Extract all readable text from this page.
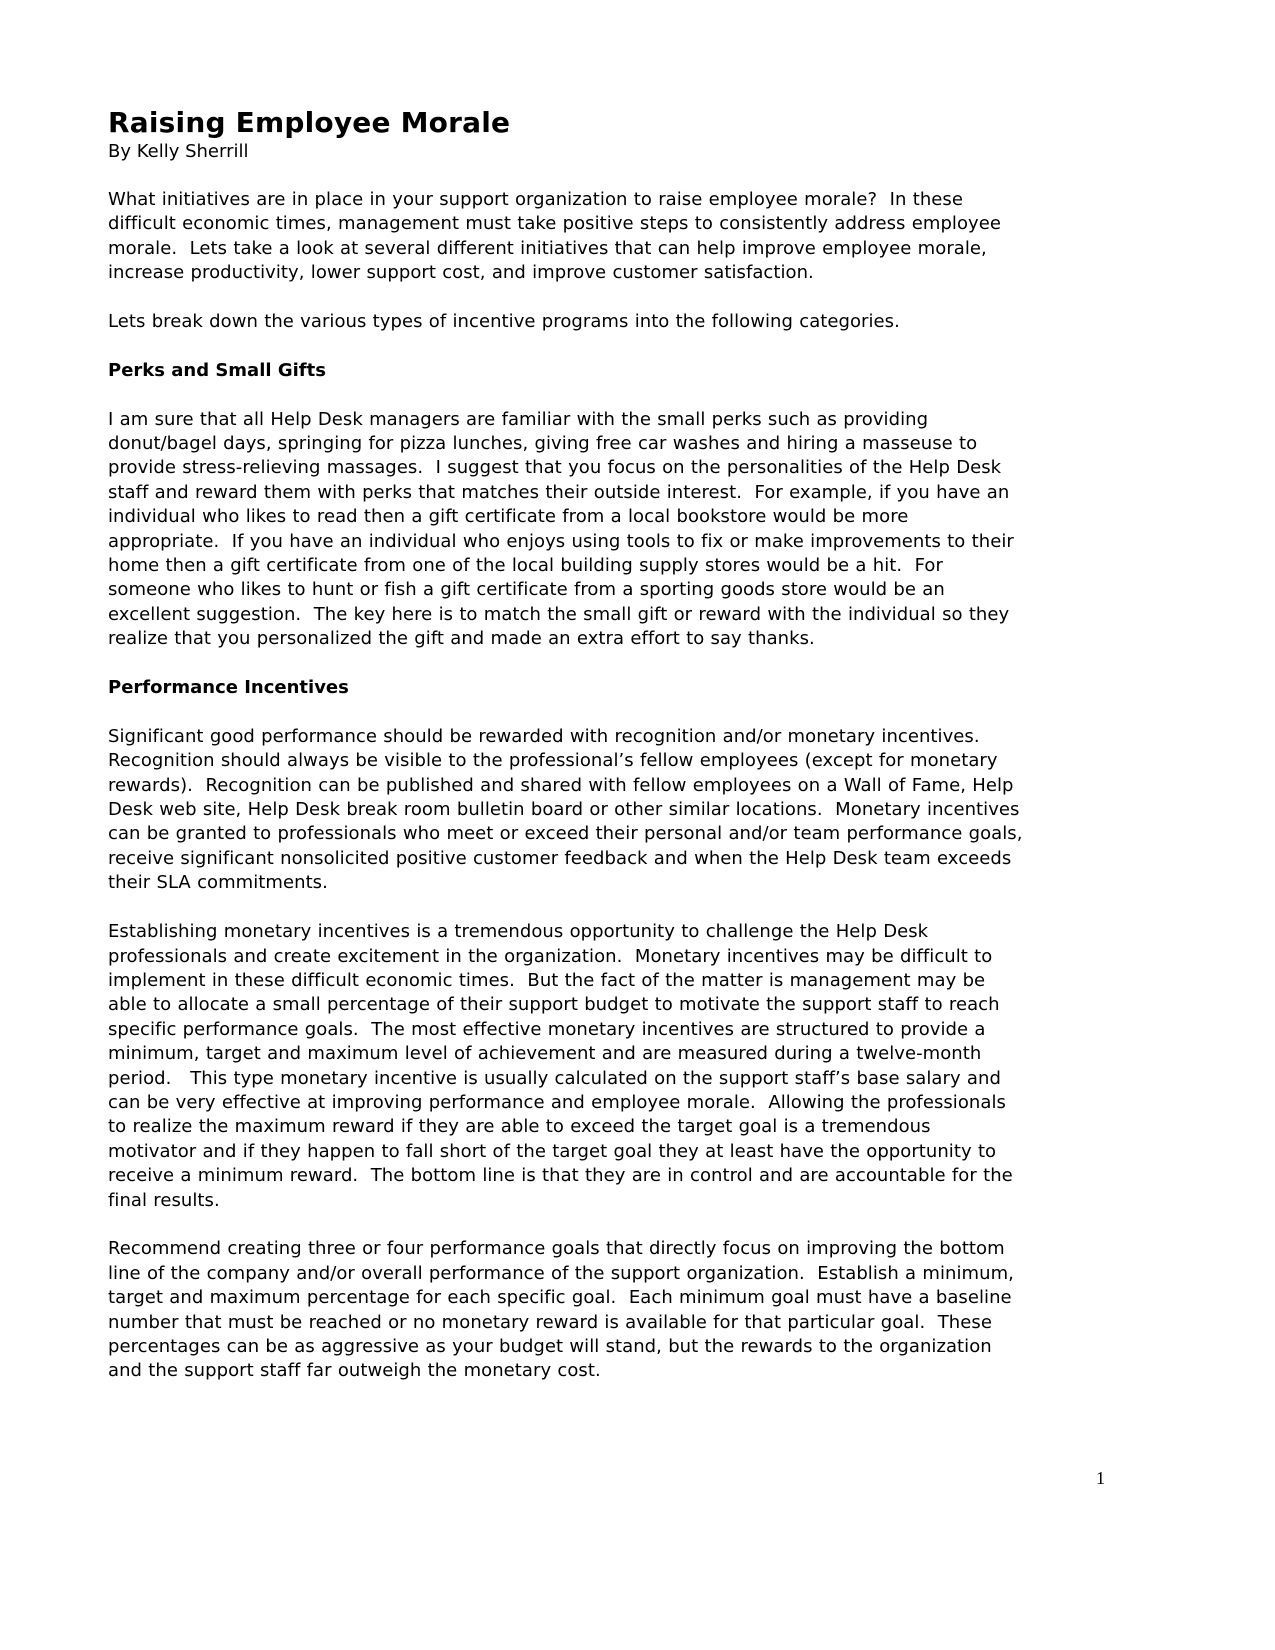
Raising Employee Morale

By Kelly Sherrill

What initiatives are in place in your support organization to raise employee morale?  In these
difficult economic times, management must take positive steps to consistently address employee
morale.  Lets take a look at several different initiatives that can help improve employee morale,
increase productivity, lower support cost, and improve customer satisfaction.

Lets break down the various types of incentive programs into the following categories.

Perks and Small Gifts

I am sure that all Help Desk managers are familiar with the small perks such as providing
donut/bagel days, springing for pizza lunches, giving free car washes and hiring a masseuse to
provide stress-relieving massages.  I suggest that you focus on the personalities of the Help Desk
staff and reward them with perks that matches their outside interest.  For example, if you have an
individual who likes to read then a gift certificate from a local bookstore would be more
appropriate.  If you have an individual who enjoys using tools to fix or make improvements to their
home then a gift certificate from one of the local building supply stores would be a hit.  For
someone who likes to hunt or fish a gift certificate from a sporting goods store would be an
excellent suggestion.  The key here is to match the small gift or reward with the individual so they
realize that you personalized the gift and made an extra effort to say thanks.

Performance Incentives

Significant good performance should be rewarded with recognition and/or monetary incentives.
Recognition should always be visible to the professional’s fellow employees (except for monetary
rewards).  Recognition can be published and shared with fellow employees on a Wall of Fame, Help
Desk web site, Help Desk break room bulletin board or other similar locations.  Monetary incentives
can be granted to professionals who meet or exceed their personal and/or team performance goals,
receive significant nonsolicited positive customer feedback and when the Help Desk team exceeds
their SLA commitments.

Establishing monetary incentives is a tremendous opportunity to challenge the Help Desk
professionals and create excitement in the organization.  Monetary incentives may be difficult to
implement in these difficult economic times.  But the fact of the matter is management may be
able to allocate a small percentage of their support budget to motivate the support staff to reach
specific performance goals.  The most effective monetary incentives are structured to provide a
minimum, target and maximum level of achievement and are measured during a twelve-month
period.   This type monetary incentive is usually calculated on the support staff’s base salary and
can be very effective at improving performance and employee morale.  Allowing the professionals
to realize the maximum reward if they are able to exceed the target goal is a tremendous
motivator and if they happen to fall short of the target goal they at least have the opportunity to
receive a minimum reward.  The bottom line is that they are in control and are accountable for the
final results.

Recommend creating three or four performance goals that directly focus on improving the bottom
line of the company and/or overall performance of the support organization.  Establish a minimum,
target and maximum percentage for each specific goal.  Each minimum goal must have a baseline
number that must be reached or no monetary reward is available for that particular goal.  These
percentages can be as aggressive as your budget will stand, but the rewards to the organization
and the support staff far outweigh the monetary cost.

1
